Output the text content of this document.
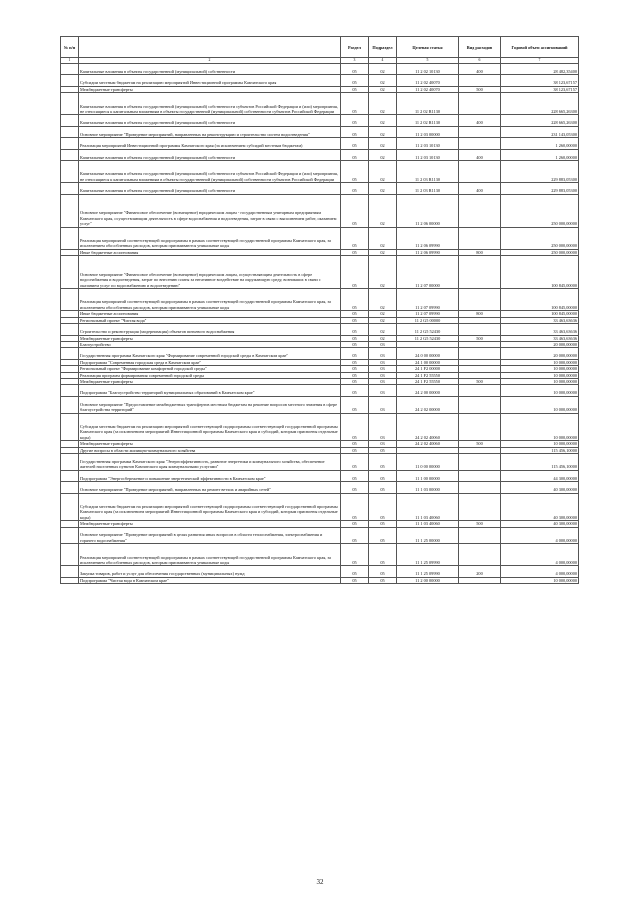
№ п/п		Раздел	Подраздел	Целевая статья	Вид расходов	Годовой объем ассигнований
1	2	3	4	5	6	7
	Капитальные вложения в объекты государственной (муниципальной) собственности	05	02	11 2 02 10130	400	28 482,35400
	Субсидии местным бюджетам на реализацию мероприятий Инвестиционной программы Камчатского края	05	02	11 2 02 40070		38 123,67157
	Межбюджетные трансферты	05	02	11 2 02 40070	500	38 123,67157
	Капитальные вложения в объекты государственной (муниципальной) собственности субъектов Российской Федерации и (или) мероприятия, не относящиеся к капитальным вложениям в объекты государственной (муниципальной) собственности субъектов Российской Федерации	05	02	11 2 02 R1130		228 665,26300
	Капитальные вложения в объекты государственной (муниципальной) собственности	05	02	11 2 02 R1130	400	228 665,26300
	Основное мероприятие "Проведение мероприятий, направленных на реконструкцию и строительство систем водоотведения"	05	02	11 2 03 00000		231 143,05300
	Реализация мероприятий Инвестиционной программы Камчатского края (за исключением субсидий местным бюджетам)	05	02	11 2 03 10130		1 260,00000
	Капитальные вложения в объекты государственной (муниципальной) собственности	05	02	11 2 03 10130	400	1 260,00000
	Капитальные вложения в объекты государственной (муниципальной) собственности субъектов Российской Федерации и (или) мероприятия, не относящиеся к капитальным вложениям в объекты государственной (муниципальной) собственности субъектов Российской Федерации	05	02	11 2 03 R1130		229 883,05300
	Капитальные вложения в объекты государственной (муниципальной) собственности	05	02	11 2 03 R1130	400	229 883,05300
	Основное мероприятие "Финансовое обеспечение (возмещение) юридическим лицам - государственным унитарным предприятиям Камчатского края, осуществляющим деятельность в сфере водоснабжения и водоотведения, затрат в связи с выполнением работ, оказанием услуг"	05	02	11 2 06 00000		250 000,00000
	Реализация мероприятий соответствующей подпрограммы в рамках соответствующей государственной программы Камчатского края, за исключением обособленных расходов, которым присваиваются уникальные коды	05	02	11 2 06 09990		250 000,00000
	Иные бюджетные ассигнования	05	02	11 2 06 09990	800	250 000,00000
	Основное мероприятие "Финансовое обеспечение (возмещение) юридическим лицам, осуществляющим деятельность в сфере водоснабжения и водоотведения, затрат по внесению платы за негативное воздействие на окружающую среду, возникших в связи с оказанием услуг по водоснабжению и водоотведению"	05	02	11 2 07 00000		100 845,00000
	Реализация мероприятий соответствующей подпрограммы в рамках соответствующей государственной программы Камчатского края, за исключением обособленных расходов, которым присваиваются уникальные коды	05	02	11 2 07 09990		100 845,00000
	Иные бюджетные ассигнования	05	02	11 2 07 09990	800	100 845,00000
	Региональный проект "Чистая вода"	05	02	11 2 G5 00000		33 463,63636
	Строительство и реконструкция (модернизация) объектов питьевого водоснабжения	05	02	11 2 G5 52430		33 463,63636
	Межбюджетные трансферты	05	02	11 2 G5 52430	500	33 463,63636
	Благоустройство	05	03			20 000,00000
	Государственная программа Камчатского края "Формирование современной городской среды в Камчатском крае"	05	03	24 0 00 00000		20 000,00000
	Подпрограмма "Современная городская среда в Камчатском крае"	05	03	24 1 00 00000		10 000,00000
	Региональный проект "Формирование комфортной городской среды"	05	03	24 1 F2 00000		10 000,00000
	Реализация программ формирования современной городской среды	05	03	24 1 F2 55550		10 000,00000
	Межбюджетные трансферты	05	03	24 1 F2 55550	500	10 000,00000
	Подпрограмма "Благоустройство территорий муниципальных образований в Камчатском крае"	05	03	24 2 00 00000		10 000,00000
	Основное мероприятие "Предоставление межбюджетных трансфертов местным бюджетам на решение вопросов местного значения в сфере благоустройства территорий"	05	03	24 2 02 00000		10 000,00000
	Субсидии местным бюджетам на реализацию мероприятий соответствующей подпрограммы соответствующей государственной программы Камчатского края (за исключением мероприятий Инвестиционной программы Камчатского края и субсидий, которым присвоены отдельные коды)	05	03	24 2 02 40060		10 000,00000
	Межбюджетные трансферты	05	03	24 2 02 40060	500	10 000,00000
	Другие вопросы в области жилищно-коммунального хозяйства	05	05			115 456,10000
	Государственная программа Камчатского края "Энергоэффективность, развитие энергетики и коммунального хозяйства, обеспечение жителей населенных пунктов Камчатского края коммунальными услугами"	05	05	11 0 00 00000		115 456,10000
	Подпрограмма "Энергосбережение и повышение энергетической эффективности в Камчатском крае"	05	05	11 1 00 00000		44 300,00000
	Основное мероприятие "Проведение мероприятий, направленных на ремонт ветхих и аварийных сетей"	05	05	11 1 03 00000		40 300,00000
	Субсидии местным бюджетам на реализацию мероприятий соответствующей подпрограммы соответствующей государственной программы Камчатского края (за исключением мероприятий Инвестиционной программы Камчатского края и субсидий, которым присвоены отдельные коды)	05	05	11 1 03 40060		40 300,00000
	Межбюджетные трансферты	05	05	11 1 03 40060	500	40 300,00000
	Основное мероприятие "Проведение мероприятий в целях развития иных вопросов в области теплоснабжения, электроснабжения и горячего водоснабжения"	05	05	11 1 25 00000		4 000,00000
	Реализация мероприятий соответствующей подпрограммы в рамках соответствующей государственной программы Камчатского края, за исключением обособленных расходов, которым присваиваются уникальные коды	05	05	11 1 25 09990		4 000,00000
	Закупка товаров, работ и услуг для обеспечения государственных (муниципальных) нужд	05	05	11 1 25 09990	200	4 000,00000
	Подпрограмма "Чистая вода в Камчатском крае"	05	05	11 2 00 00000		10 000,00000
32
